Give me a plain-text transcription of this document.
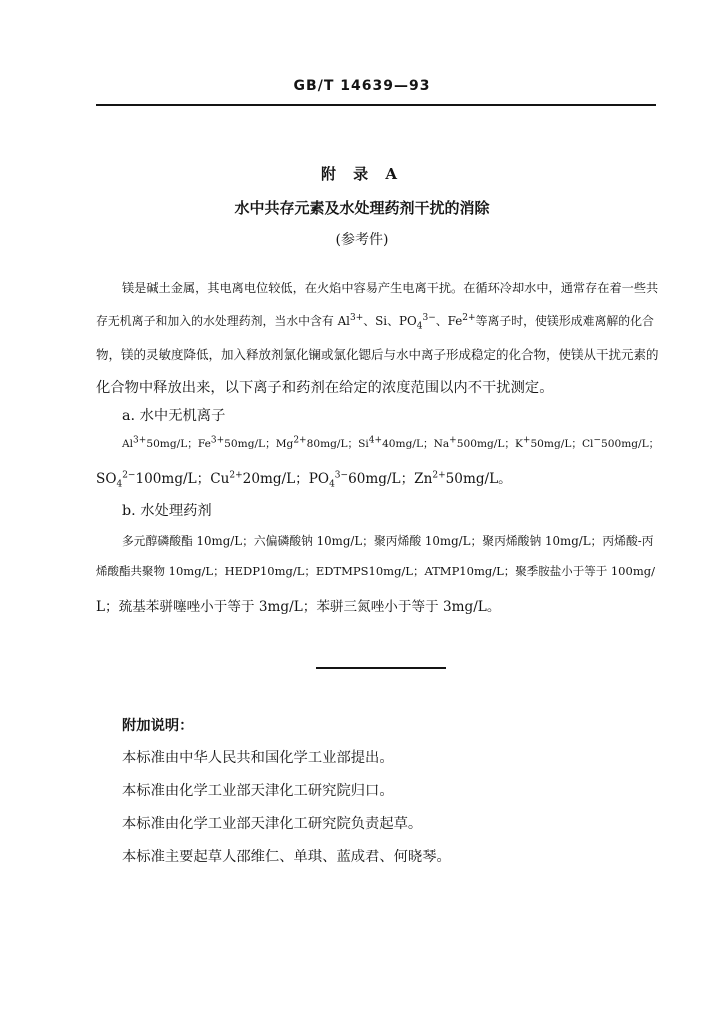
GB/T 14639—93
附 录 A
水中共存元素及水处理药剂干扰的消除
(参考件)
镁是碱土金属，其电离电位较低，在火焰中容易产生电离干扰。在循环冷却水中，通常存在着一些共
存无机离子和加入的水处理药剂，当水中含有 $Al^{3+}$、Si、$PO_4^{3-}$、$Fe^{2+}$等离子时，使镁形成难离解的化合
物，镁的灵敏度降低，加入释放剂氯化镧或氯化锶后与水中离子形成稳定的化合物，使镁从干扰元素的
化合物中释放出来，以下离子和药剂在给定的浓度范围以内不干扰测定。
a. 水中无机离子
$Al^{3+}50mg/L$；$Fe^{3+}50mg/L$；$Mg^{2+}80mg/L$；$Si^{4+}40mg/L$；Na+500mg/L；K+50mg/L；Cl−500mg/L；
$SO_4^{2-}100mg/L$；$Cu^{2+}20mg/L$；$PO_4^{3-}60mg/L$；$Zn^{2+}50mg/L$。
b. 水处理药剂
多元醇磷酸酯 10mg/L；六偏磷酸钠 10mg/L；聚丙烯酸 10mg/L；聚丙烯酸钠 10mg/L；丙烯酸-丙
烯酸酯共聚物 10mg/L；HEDP10mg/L；EDTMPS10mg/L；ATMP10mg/L；聚季胺盐小于等于 100mg/
L；巯基苯骈噻唑小于等于 3mg/L；苯骈三氮唑小于等于 3mg/L。
附加说明：
本标准由中华人民共和国化学工业部提出。
本标准由化学工业部天津化工研究院归口。
本标准由化学工业部天津化工研究院负责起草。
本标准主要起草人邵维仁、单琪、蓝成君、何晓琴。
